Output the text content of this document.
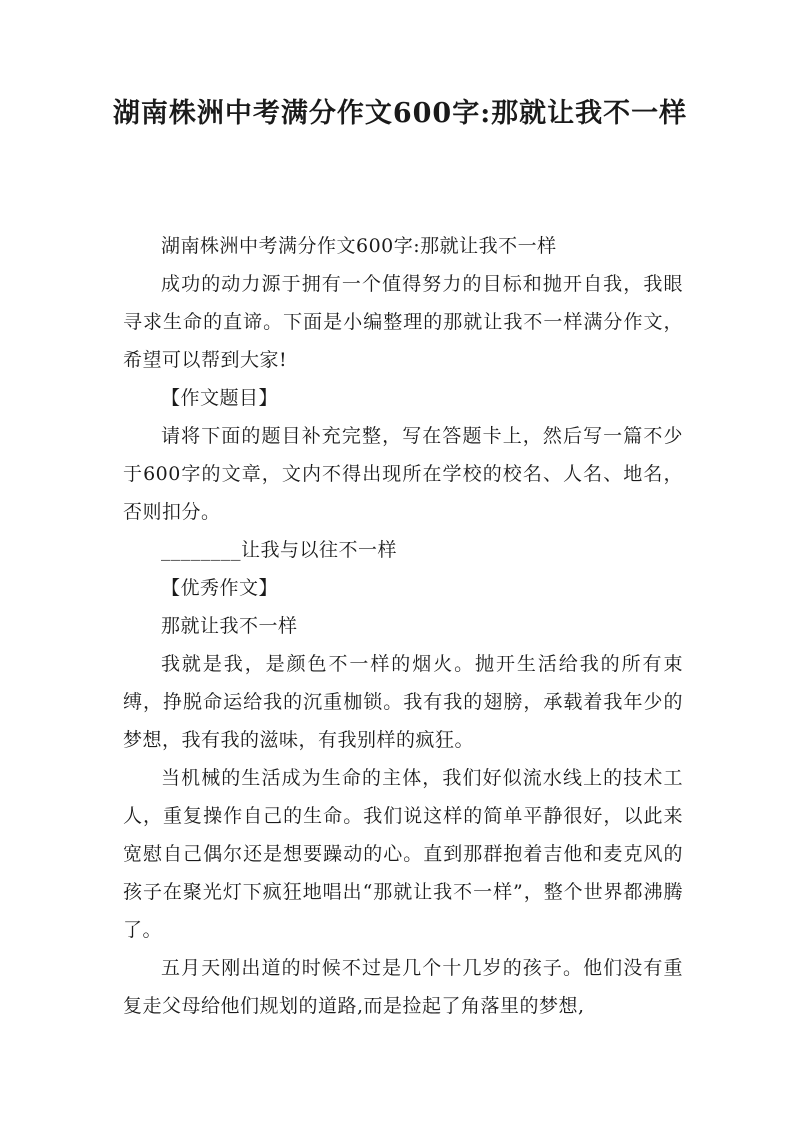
湖南株洲中考满分作文600字:那就让我不一样

湖南株洲中考满分作文600字:那就让我不一样

成功的动力源于拥有一个值得努力的目标和抛开自我，我眼寻求生命的直谛。下面是小编整理的那就让我不一样满分作文，希望可以帮到大家!

【作文题目】

请将下面的题目补充完整，写在答题卡上，然后写一篇不少于600字的文章，文内不得出现所在学校的校名、人名、地名，否则扣分。

________让我与以往不一样

【优秀作文】

那就让我不一样

我就是我，是颜色不一样的烟火。抛开生活给我的所有束缚，挣脱命运给我的沉重枷锁。我有我的翅膀，承载着我年少的梦想，我有我的滋味，有我别样的疯狂。

当机械的生活成为生命的主体，我们好似流水线上的技术工人，重复操作自己的生命。我们说这样的简单平静很好，以此来宽慰自己偶尔还是想要躁动的心。直到那群抱着吉他和麦克风的孩子在聚光灯下疯狂地唱出“那就让我不一样”，整个世界都沸腾了。

五月天刚出道的时候不过是几个十几岁的孩子。他们没有重复走父母给他们规划的道路,而是捡起了角落里的梦想,
